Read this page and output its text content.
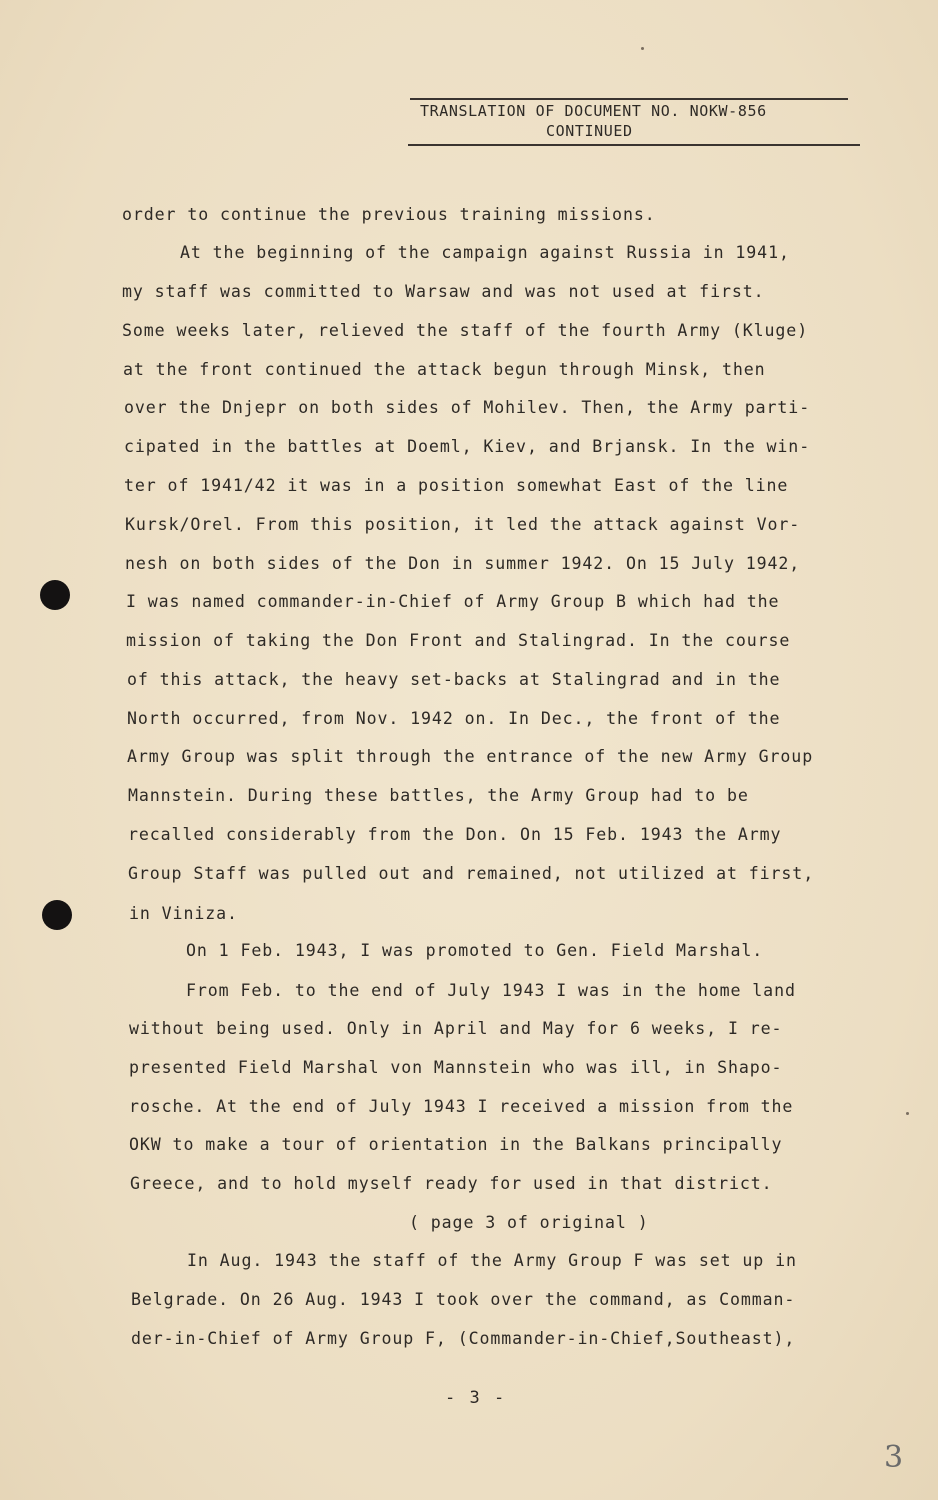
TRANSLATION OF DOCUMENT NO. NOKW-856
CONTINUED
order to continue the previous training missions.
At the beginning of the campaign against Russia in 1941,
my staff was committed to Warsaw and was not used at first.
Some weeks later, relieved the staff of the fourth Army (Kluge)
at the front continued the attack begun through Minsk, then
over the Dnjepr on both sides of Mohilev. Then, the Army parti-
cipated in the battles at Doeml, Kiev, and Brjansk. In the win-
ter of 1941/42 it was in a position somewhat East of the line
Kursk/Orel. From this position, it led the attack against Vor-
nesh on both sides of the Don in summer 1942. On 15 July 1942,
I was named commander-in-Chief of Army Group B which had the
mission of taking the Don Front and Stalingrad. In the course
of this attack, the heavy set-backs at Stalingrad and in the
North occurred, from Nov. 1942 on. In Dec., the front of the
Army Group was split through the entrance of the new Army Group
Mannstein. During these battles, the Army Group had to be
recalled considerably from the Don. On 15 Feb. 1943 the Army
Group Staff was pulled out and remained, not utilized at first,
in Viniza.
On 1 Feb. 1943, I was promoted to Gen. Field Marshal.
From Feb. to the end of July 1943 I was in the home land
without being used. Only in April and May for 6 weeks, I re-
presented Field Marshal von Mannstein who was ill, in Shapo-
rosche. At the end of July 1943 I received a mission from the
OKW to make a tour of orientation in the Balkans principally
Greece, and to hold myself ready for used in that district.
( page 3 of original )
In Aug. 1943 the staff of the Army Group F was set up in
Belgrade. On 26 Aug. 1943 I took over the command, as Comman-
der-in-Chief of Army Group F, (Commander-in-Chief,Southeast),
- 3 -
3
